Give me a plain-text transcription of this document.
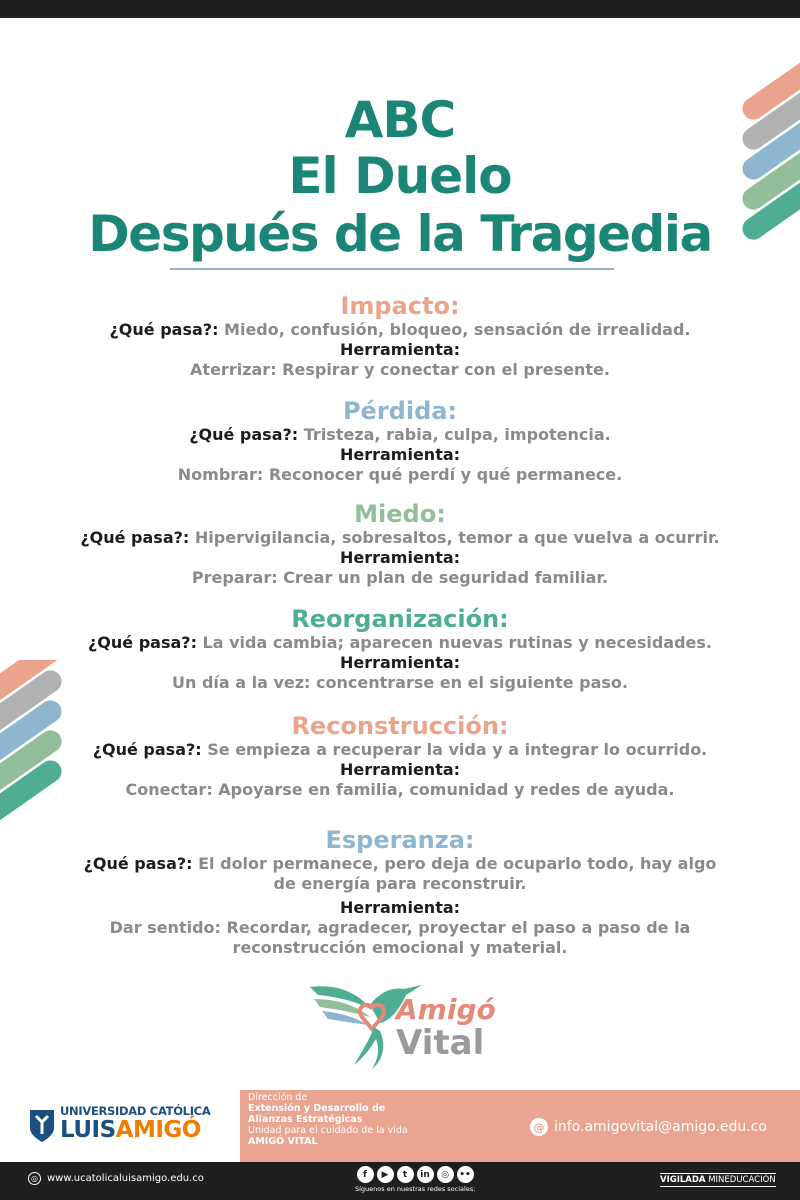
ABC
El Duelo
Después de la Tragedia
Impacto:
¿Qué pasa?: Miedo, confusión, bloqueo, sensación de irrealidad.
Herramienta:
Aterrizar: Respirar y conectar con el presente.
Pérdida:
¿Qué pasa?: Tristeza, rabia, culpa, impotencia.
Herramienta:
Nombrar: Reconocer qué perdí y qué permanece.
Miedo:
¿Qué pasa?: Hipervigilancia, sobresaltos, temor a que vuelva a ocurrir.
Herramienta:
Preparar: Crear un plan de seguridad familiar.
Reorganización:
¿Qué pasa?: La vida cambia; aparecen nuevas rutinas y necesidades.
Herramienta:
Un día a la vez: concentrarse en el siguiente paso.
Reconstrucción:
¿Qué pasa?: Se empieza a recuperar la vida y a integrar lo ocurrido.
Herramienta:
Conectar: Apoyarse en familia, comunidad y redes de ayuda.
Esperanza:
¿Qué pasa?: El dolor permanece, pero deja de ocuparlo todo, hay algo
de energía para reconstruir.
Herramienta:
Dar sentido: Recordar, agradecer, proyectar el paso a paso de la
reconstrucción emocional y material.
Amigó
Vital
UNIVERSIDAD CATÓLICA
LUISAMIGÓ
Dirección de
Extensión y Desarrollo de
Alianzas Estratégicas
Unidad para el cuidado de la vida
AMIGÓ VITAL
@ info.amigovital@amigo.edu.co
◎ www.ucatolicaluisamigo.edu.co	f	▶	t	in	◎	••
Síguenos en nuestras redes sociales:
VIGILADA MINEDUCACIÓN
